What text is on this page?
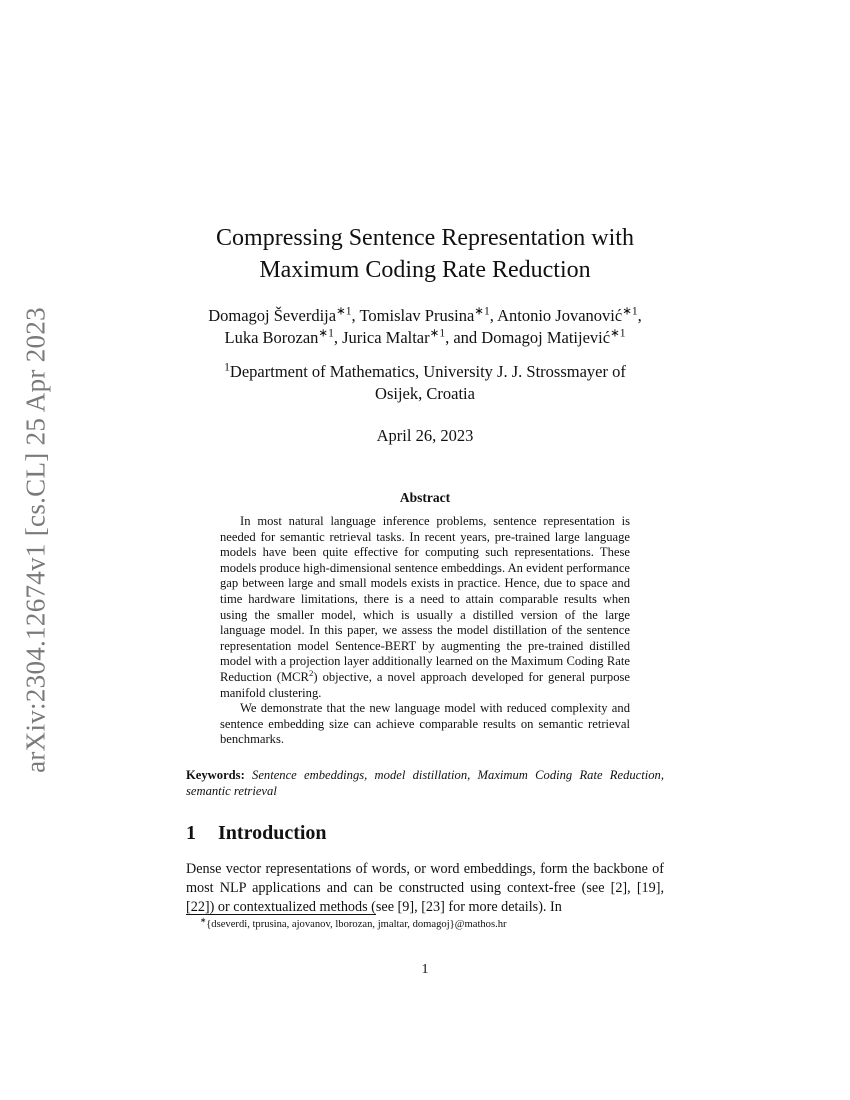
arXiv:2304.12674v1 [cs.CL] 25 Apr 2023
Compressing Sentence Representation with
Maximum Coding Rate Reduction
Domagoj Ševerdija$^{∗1}$, Tomislav Prusina$^{∗1}$, Antonio Jovanović$^{∗1}$,
Luka Borozan$^{∗1}$, Jurica Maltar$^{∗1}$, and Domagoj Matijević$^{∗1}$
$^1$Department of Mathematics, University J. J. Strossmayer of
Osijek, Croatia
April 26, 2023
Abstract

In most natural language inference problems, sentence representation is needed for semantic retrieval tasks. In recent years, pre-trained large language models have been quite effective for computing such representations. These models produce high-dimensional sentence embeddings. An evident performance gap between large and small models exists in practice. Hence, due to space and time hardware limitations, there is a need to attain comparable results when using the smaller model, which is usually a distilled version of the large language model. In this paper, we assess the model distillation of the sentence representation model Sentence-BERT by augmenting the pre-trained distilled model with a projection layer additionally learned on the Maximum Coding Rate Reduction (MCR$^2$) objective, a novel approach developed for general purpose manifold clustering.

We demonstrate that the new language model with reduced complexity and sentence embedding size can achieve comparable results on semantic retrieval benchmarks.

Keywords: Sentence embeddings, model distillation, Maximum Coding Rate Reduction, semantic retrieval
1 Introduction

Dense vector representations of words, or word embeddings, form the backbone of most NLP applications and can be constructed using context-free (see [2], [19], [22]) or contextualized methods (see [9], [23] for more details). In

∗{dseverdi, tprusina, ajovanov, lborozan, jmaltar, domagoj}@mathos.hr
1
